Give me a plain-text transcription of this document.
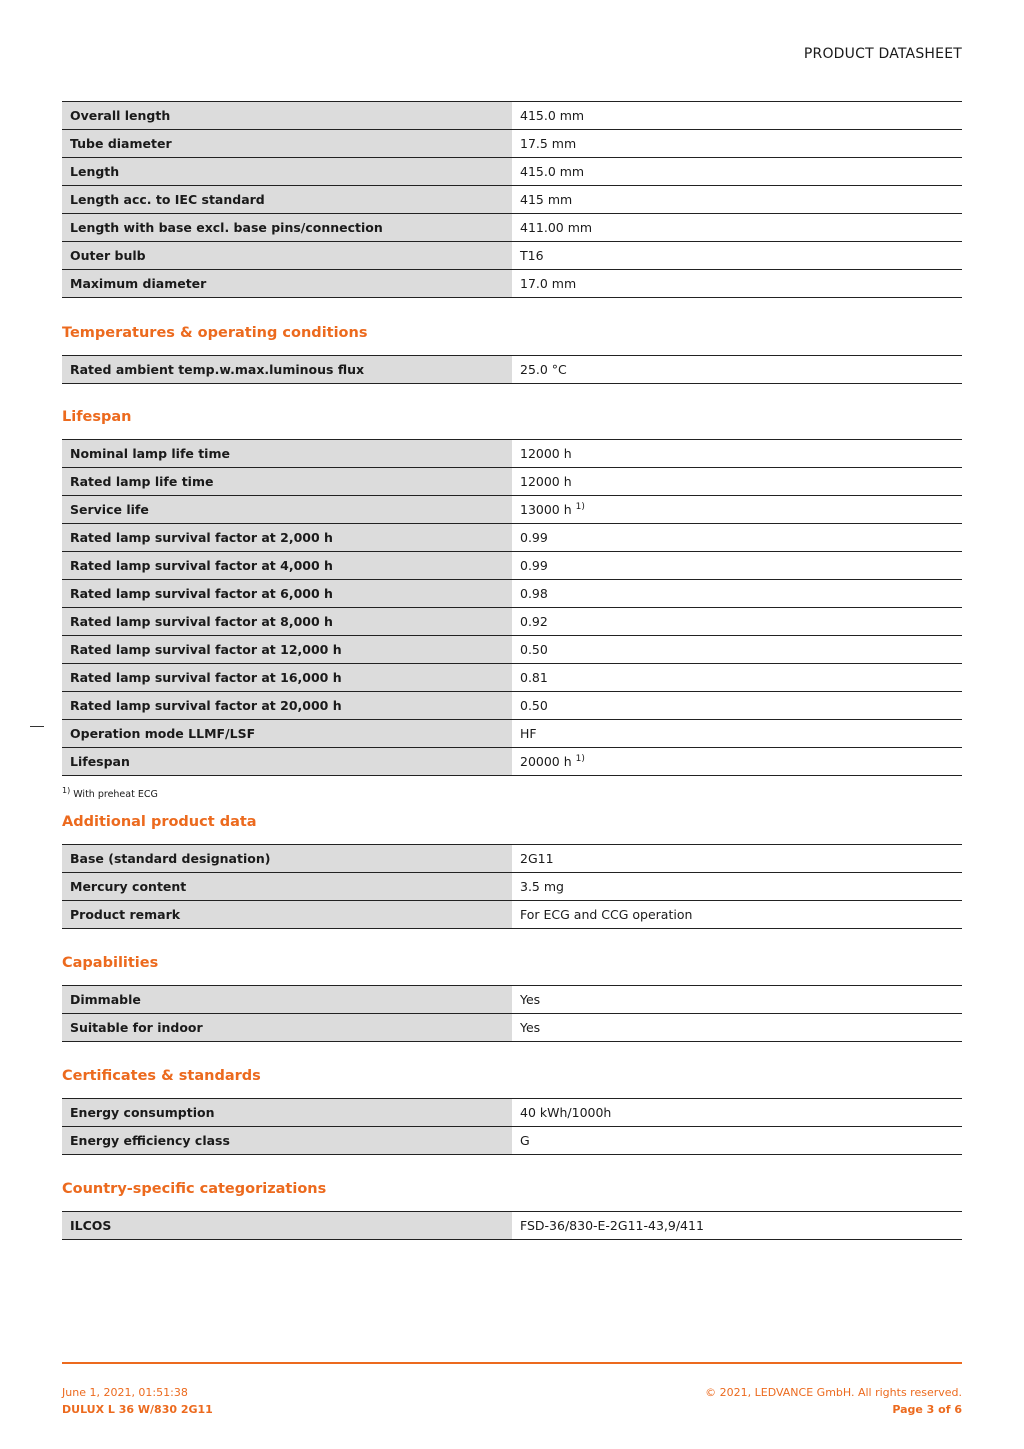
PRODUCT DATASHEET
Overall length	415.0 mm
Tube diameter	17.5 mm
Length	415.0 mm
Length acc. to IEC standard	415 mm
Length with base excl. base pins/connection	411.00 mm
Outer bulb	T16
Maximum diameter	17.0 mm
Temperatures & operating conditions
Rated ambient temp.w.max.luminous flux	25.0 °C
Lifespan
Nominal lamp life time	12000 h
Rated lamp life time	12000 h
Service life	13000 h $^{1)}$
Rated lamp survival factor at 2,000 h	0.99
Rated lamp survival factor at 4,000 h	0.99
Rated lamp survival factor at 6,000 h	0.98
Rated lamp survival factor at 8,000 h	0.92
Rated lamp survival factor at 12,000 h	0.50
Rated lamp survival factor at 16,000 h	0.81
Rated lamp survival factor at 20,000 h	0.50
Operation mode LLMF/LSF	HF
Lifespan	20000 h $^{1)}$
$^{1)}$ With preheat ECG
Additional product data
Base (standard designation)	2G11
Mercury content	3.5 mg
Product remark	For ECG and CCG operation
Capabilities
Dimmable	Yes
Suitable for indoor	Yes
Certificates & standards
Energy consumption	40 kWh/1000h
Energy efficiency class	G
Country-specific categorizations
ILCOS	FSD-36/830-E-2G11-43,9/411
June 1, 2021, 01:51:38
DULUX L 36 W/830 2G11
© 2021, LEDVANCE GmbH. All rights reserved.
Page 3 of 6
